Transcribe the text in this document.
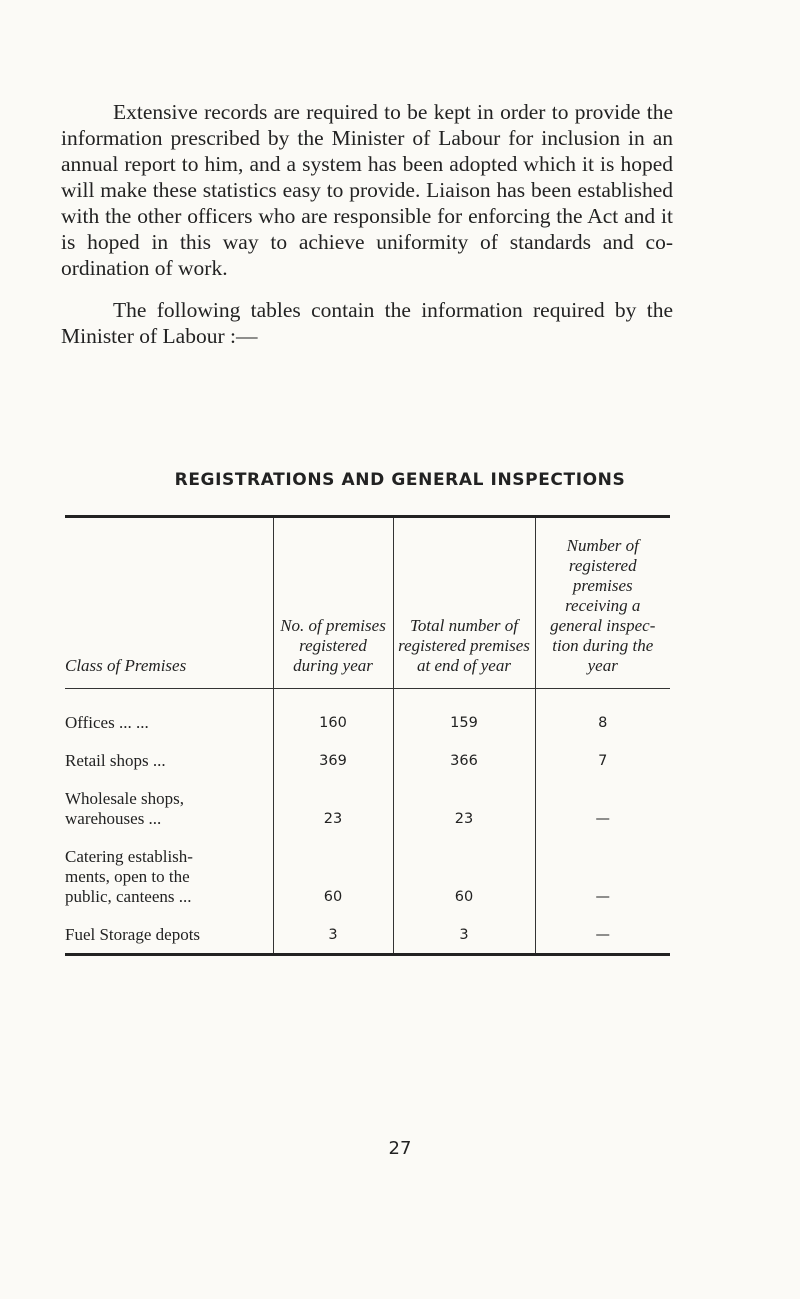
Extensive records are required to be kept in order to provide the information prescribed by the Minister of Labour for inclusion in an annual report to him, and a system has been adopted which it is hoped will make these statistics easy to provide. Liaison has been established with the other officers who are responsible for enforcing the Act and it is hoped in this way to achieve uniformity of standards and co-ordination of work.

The following tables contain the information required by the Minister of Labour :—

REGISTRATIONS AND GENERAL INSPECTIONS
Class of Premises	No. of premises registered during year	Total number of registered premises at end of year	Number of registered premises receiving a general inspec- tion during the year
Offices ... ...	160	159	8
Retail shops ...	369	366	7
Wholesale shops,
warehouses ...	23	23	—
Catering establish-
ments, open to the
public, canteens ...	60	60	—
Fuel Storage depots	3	3	—
27
